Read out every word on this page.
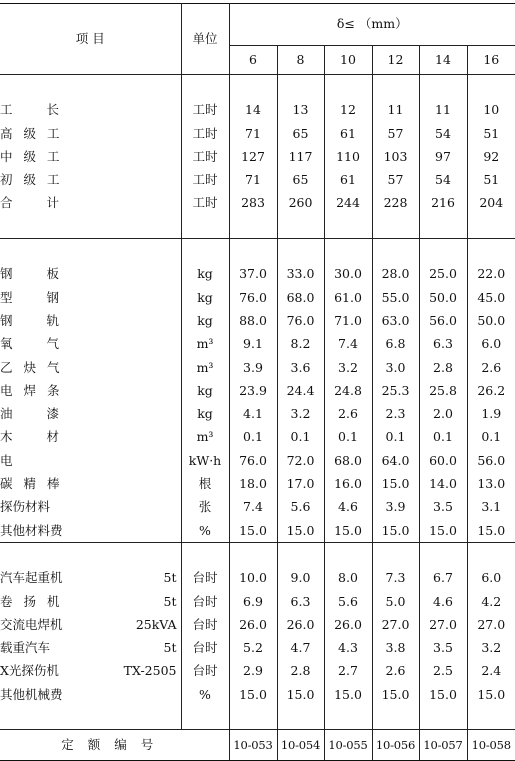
项 目	单位	δ≤ （mm）					
		6	8	10	12	14	16

工长	工时	14	13	12	11	11	10
高级工	工时	71	65	61	57	54	51
中级工	工时	127	117	110	103	97	92
初级工	工时	71	65	61	57	54	51
合计	工时	283	260	244	228	216	204

钢板	kg	37.0	33.0	30.0	28.0	25.0	22.0
型钢	kg	76.0	68.0	61.0	55.0	50.0	45.0
钢轨	kg	88.0	76.0	71.0	63.0	56.0	50.0
氧气	m³	9.1	8.2	7.4	6.8	6.3	6.0
乙炔气	m³	3.9	3.6	3.2	3.0	2.8	2.6
电焊条	kg	23.9	24.4	24.8	25.3	25.8	26.2
油漆	kg	4.1	3.2	2.6	2.3	2.0	1.9
木材	m³	0.1	0.1	0.1	0.1	0.1	0.1
电	kW·h	76.0	72.0	68.0	64.0	60.0	56.0
碳精棒	根	18.0	17.0	16.0	15.0	14.0	13.0
探伤材料	张	7.4	5.6	4.6	3.9	3.5	3.1
其他材料费	%	15.0	15.0	15.0	15.0	15.0	15.0

汽车起重机 5t	台时	10.0	9.0	8.0	7.3	6.7	6.0
卷扬机 5t	台时	6.9	6.3	5.6	5.0	4.6	4.2
交流电焊机 25kVA	台时	26.0	26.0	26.0	27.0	27.0	27.0
载重汽车 5t	台时	5.2	4.7	4.3	3.8	3.5	3.2
X光探伤机 TX-2505	台时	2.9	2.8	2.7	2.6	2.5	2.4
其他机械费	%	15.0	15.0	15.0	15.0	15.0	15.0

定额编号		10-053	10-054	10-055	10-056	10-057	10-058
